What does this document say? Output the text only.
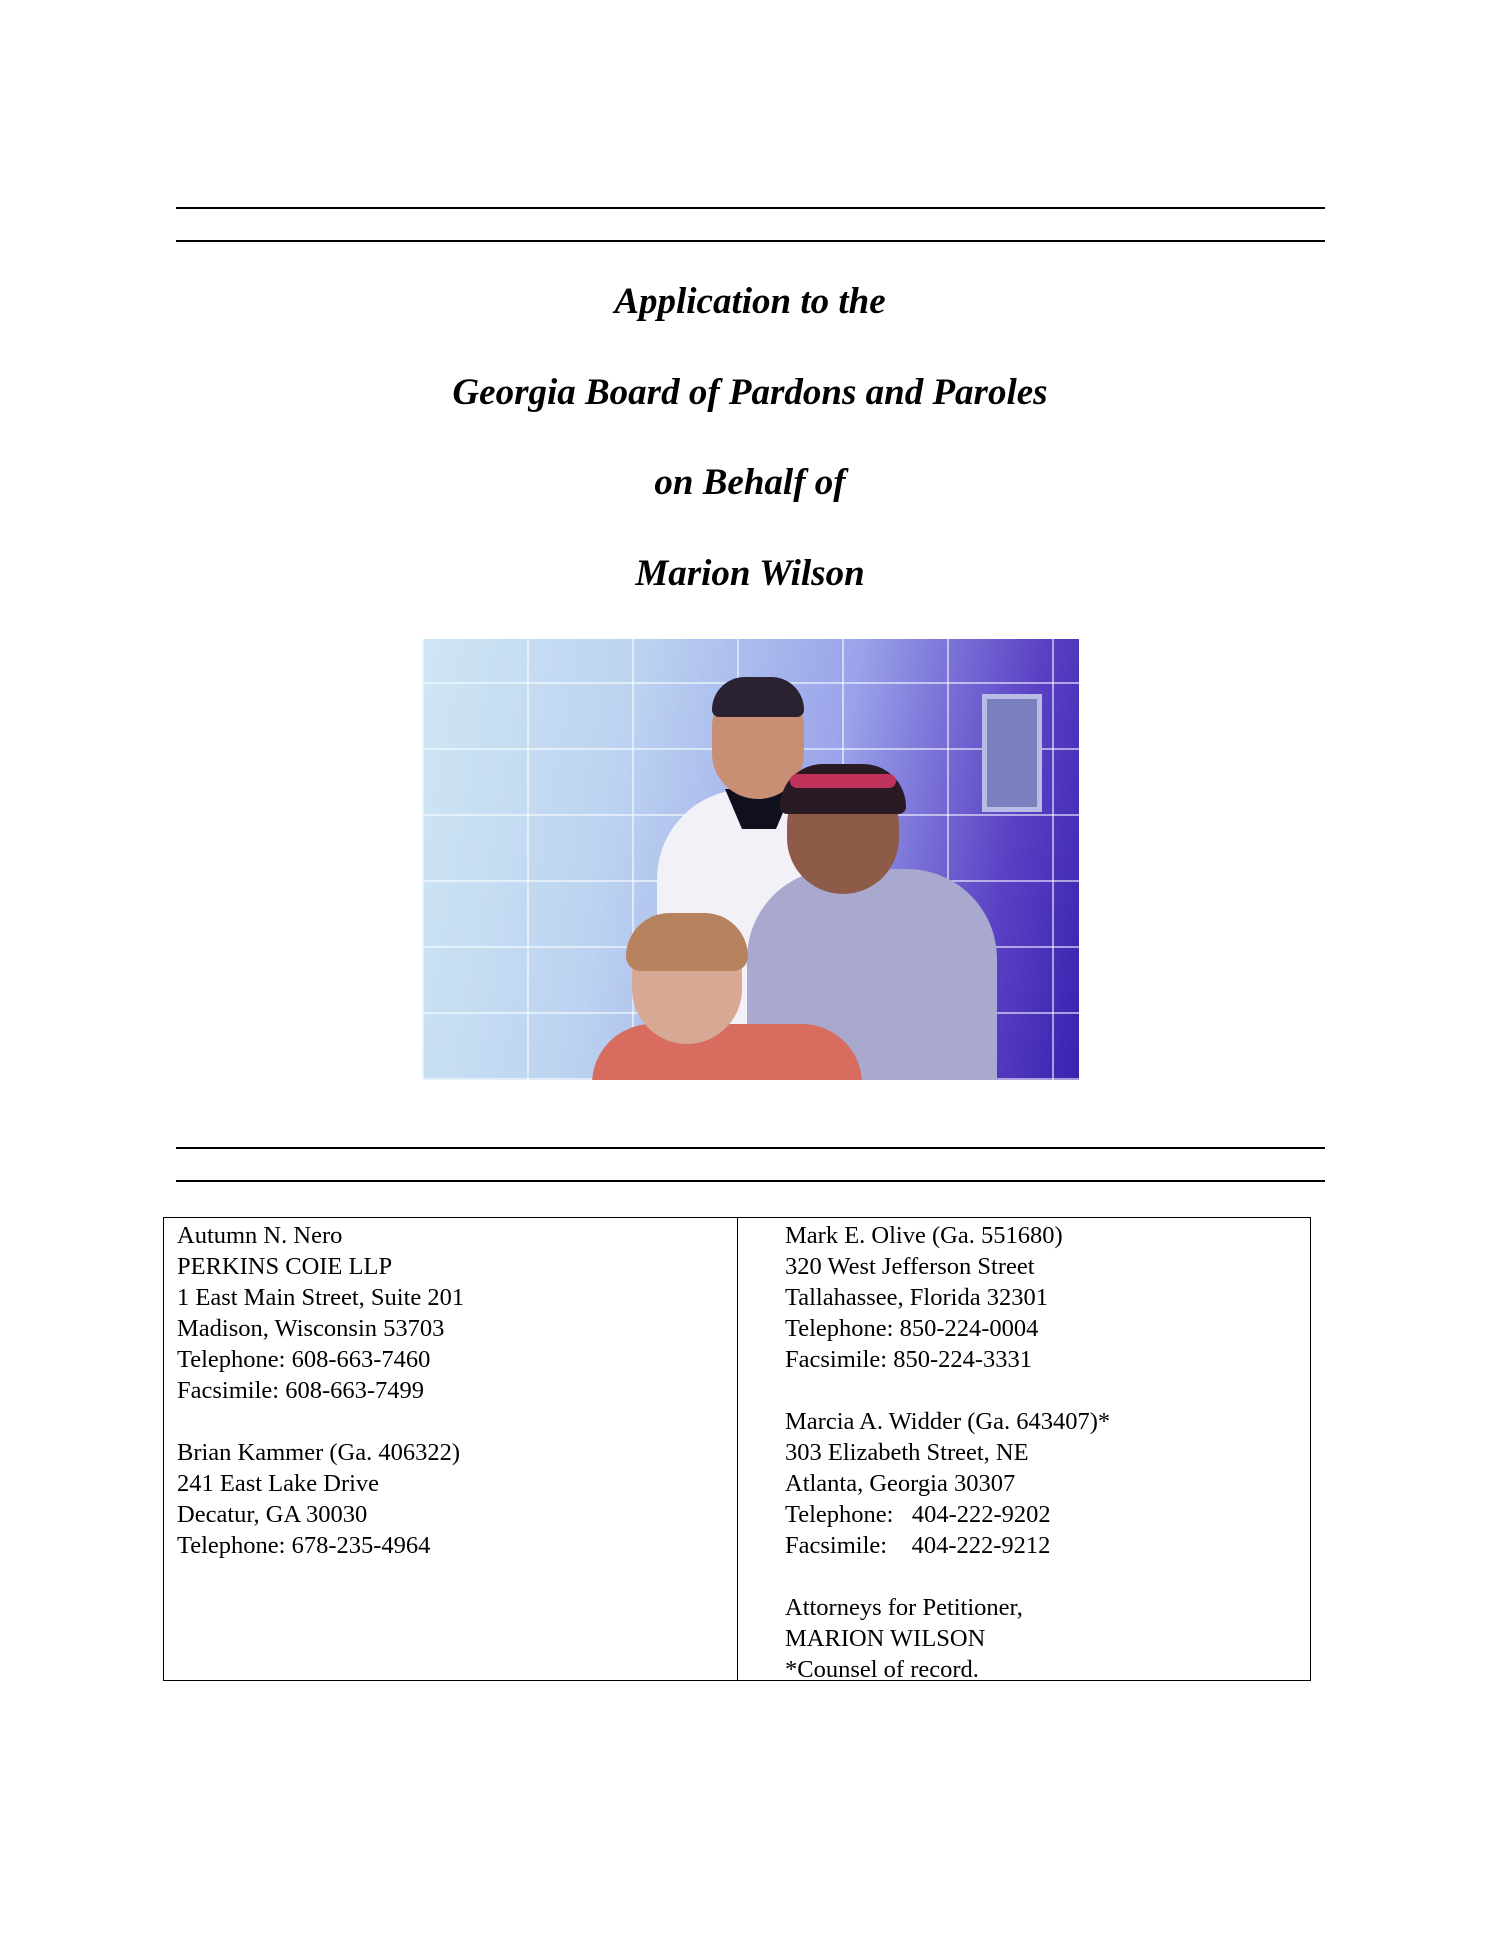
Application to the
Georgia Board of Pardons and Paroles
on Behalf of
Marion Wilson
Autumn N. Nero
PERKINS COIE LLP
1 East Main Street, Suite 201
Madison, Wisconsin 53703
Telephone: 608-663-7460
Facsimile: 608-663-7499
Brian Kammer (Ga. 406322)
241 East Lake Drive
Decatur, GA 30030
Telephone: 678-235-4964
Mark E. Olive (Ga. 551680)
320 West Jefferson Street
Tallahassee, Florida 32301
Telephone: 850-224-0004
Facsimile: 850-224-3331
Marcia A. Widder (Ga. 643407)*
303 Elizabeth Street, NE
Atlanta, Georgia 30307
Telephone:   404-222-9202
Facsimile:    404-222-9212
Attorneys for Petitioner,
MARION WILSON
*Counsel of record.
